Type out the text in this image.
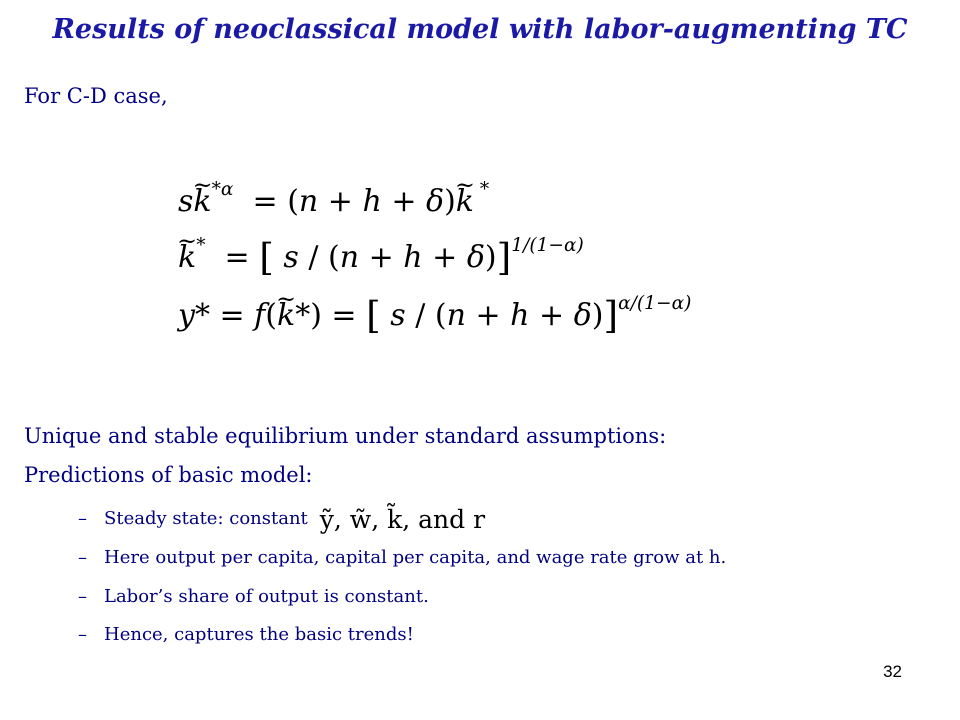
Results of neoclassical model with labor-augmenting TC

For C-D case,

s~ $k^{*\alpha} = (n + h$ + δ)~ k *
~ k*  = [ s / (n + h + δ)]$^{1/(1-\alpha)}$
y* = f(~ k*) = [ s / (n + h + δ)]$^{\alpha/(1-\alpha)}$

Unique and stable equilibrium under standard assumptions:

Predictions of basic model:

– Steady state: constant ỹ, w̃, k̃, and r
– Here output per capita, capital per capita, and wage rate grow at h.
– Labor’s share of output is constant.
– Hence, captures the basic trends!
32
